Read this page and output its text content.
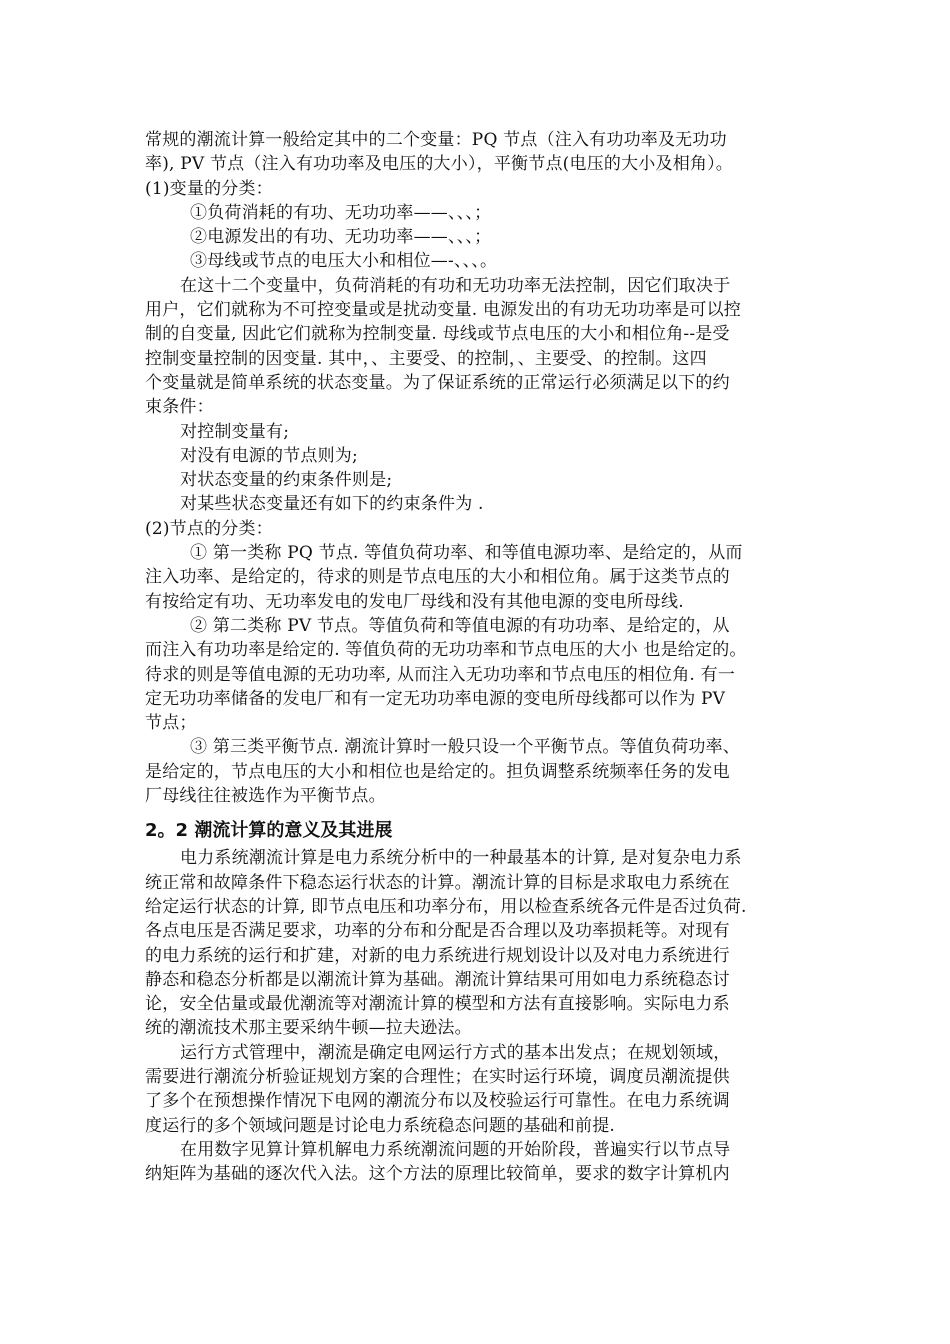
常规的潮流计算一般给定其中的二个变量：PQ 节点（注入有功功率及无功功
率), PV 节点（注入有功功率及电压的大小），平衡节点(电压的大小及相角）。
(1)变量的分类：
①负荷消耗的有功、无功功率——、、、；
②电源发出的有功、无功功率——、、、；
③母线或节点的电压大小和相位—-、、、。
在这十二个变量中，负荷消耗的有功和无功功率无法控制，因它们取决于
用户，它们就称为不可控变量或是扰动变量. 电源发出的有功无功功率是可以控
制的自变量, 因此它们就称为控制变量. 母线或节点电压的大小和相位角--是受
控制变量控制的因变量. 其中，、主要受、的控制，、主要受、的控制。这四
个变量就是简单系统的状态变量。为了保证系统的正常运行必须满足以下的约
束条件：
对控制变量有;
对没有电源的节点则为;
对状态变量的约束条件则是;
对某些状态变量还有如下的约束条件为 .
(2)节点的分类：
① 第一类称 PQ 节点. 等值负荷功率、和等值电源功率、是给定的，从而
注入功率、是给定的，待求的则是节点电压的大小和相位角。属于这类节点的
有按给定有功、无功率发电的发电厂母线和没有其他电源的变电所母线.
② 第二类称 PV 节点。等值负荷和等值电源的有功功率、是给定的，从
而注入有功功率是给定的. 等值负荷的无功功率和节点电压的大小 也是给定的。
待求的则是等值电源的无功功率, 从而注入无功功率和节点电压的相位角. 有一
定无功功率储备的发电厂和有一定无功功率电源的变电所母线都可以作为 PV
节点；
③ 第三类平衡节点. 潮流计算时一般只设一个平衡节点。等值负荷功率、
是给定的，节点电压的大小和相位也是给定的。担负调整系统频率任务的发电
厂母线往往被选作为平衡节点。
2。2 潮流计算的意义及其进展
电力系统潮流计算是电力系统分析中的一种最基本的计算, 是对复杂电力系
统正常和故障条件下稳态运行状态的计算。潮流计算的目标是求取电力系统在
给定运行状态的计算, 即节点电压和功率分布，用以检查系统各元件是否过负荷.
各点电压是否满足要求，功率的分布和分配是否合理以及功率损耗等。对现有
的电力系统的运行和扩建，对新的电力系统进行规划设计以及对电力系统进行
静态和稳态分析都是以潮流计算为基础。潮流计算结果可用如电力系统稳态讨
论，安全估量或最优潮流等对潮流计算的模型和方法有直接影响。实际电力系
统的潮流技术那主要采纳牛顿—拉夫逊法。
运行方式管理中，潮流是确定电网运行方式的基本出发点；在规划领域，
需要进行潮流分析验证规划方案的合理性；在实时运行环境，调度员潮流提供
了多个在预想操作情况下电网的潮流分布以及校验运行可靠性。在电力系统调
度运行的多个领域问题是讨论电力系统稳态问题的基础和前提.
在用数字见算计算机解电力系统潮流问题的开始阶段，普遍实行以节点导
纳矩阵为基础的逐次代入法。这个方法的原理比较简单，要求的数字计算机内
